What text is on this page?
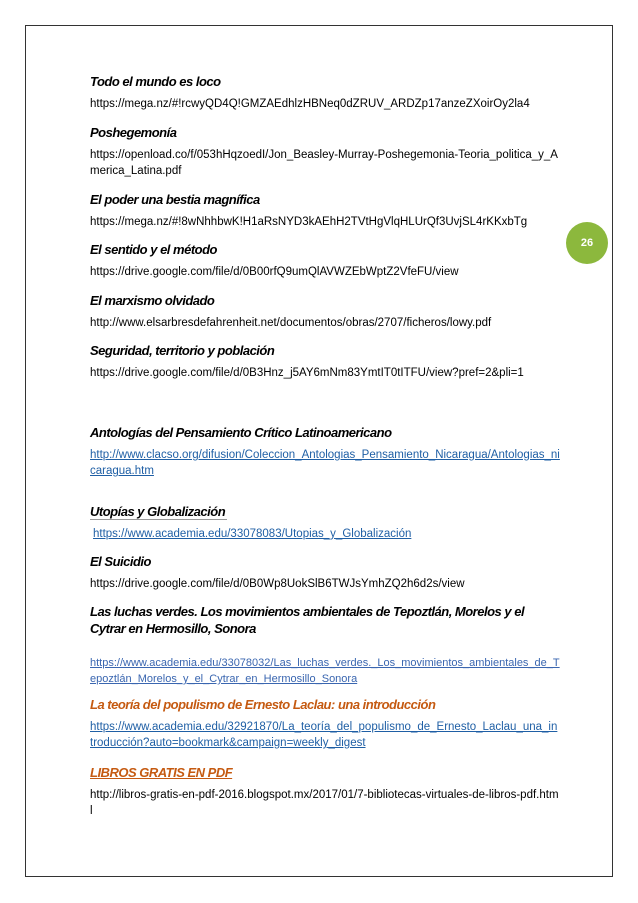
26

Todo el mundo es loco

https://mega.nz/#!rcwyQD4Q!GMZAEdhlzHBNeq0dZRUV_ARDZp17anzeZXoirOy2la4

Poshegemonía

https://openload.co/f/053hHqzoedI/Jon_Beasley-Murray-Poshegemonia-Teoria_politica_y_America_Latina.pdf

El poder una bestia magnífica

https://mega.nz/#!8wNhhbwK!H1aRsNYD3kAEhH2TVtHgVlqHLUrQf3UvjSL4rKKxbTg

El sentido y el método

https://drive.google.com/file/d/0B00rfQ9umQlAVWZEbWptZ2VfeFU/view

El marxismo olvidado

http://www.elsarbresdefahrenheit.net/documentos/obras/2707/ficheros/lowy.pdf

Seguridad, territorio y población

https://drive.google.com/file/d/0B3Hnz_j5AY6mNm83YmtIT0tITFU/view?pref=2&pli=1

Antologías del Pensamiento Crítico Latinoamericano

http://www.clacso.org/difusion/Coleccion_Antologias_Pensamiento_Nicaragua/Antologias_nicaragua.htm

Utopías y Globalización

https://www.academia.edu/33078083/Utopias_y_Globalización

El Suicidio

https://drive.google.com/file/d/0B0Wp8UokSlB6TWJsYmhZQ2h6d2s/view

Las luchas verdes. Los movimientos ambientales de Tepoztlán, Morelos y el Cytrar en Hermosillo, Sonora

https://www.academia.edu/33078032/Las_luchas_verdes._Los_movimientos_ambientales_de_Tepoztlán_Morelos_y_el_Cytrar_en_Hermosillo_Sonora

La teoría del populismo de Ernesto Laclau: una introducción

https://www.academia.edu/32921870/La_teoría_del_populismo_de_Ernesto_Laclau_una_introducción?auto=bookmark&campaign=weekly_digest

LIBROS GRATIS EN PDF

http://libros-gratis-en-pdf-2016.blogspot.mx/2017/01/7-bibliotecas-virtuales-de-libros-pdf.html
